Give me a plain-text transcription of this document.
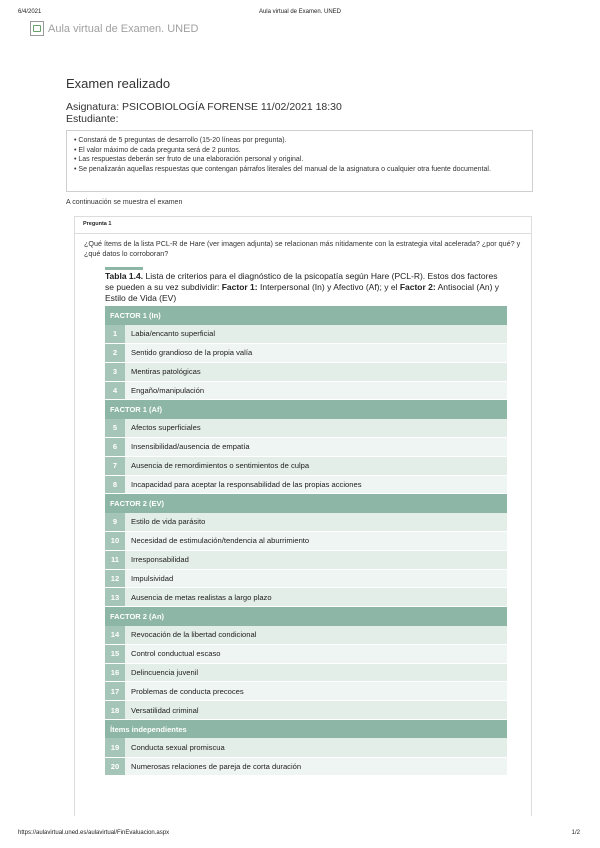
6/4/2021	Aula virtual de Examen. UNED
Aula virtual de Examen. UNED
Examen realizado
Asignatura: PSICOBIOLOGÍA FORENSE 11/02/2021 18:30
Estudiante:
• Constará de 5 preguntas de desarrollo (15-20 líneas por pregunta).
• El valor máximo de cada pregunta será de 2 puntos.
• Las respuestas deberán ser fruto de una elaboración personal y original.
• Se penalizarán aquellas respuestas que contengan párrafos literales del manual de la asignatura o cualquier otra fuente documental.
A continuación se muestra el examen
Pregunta 1
¿Qué ítems de la lista PCL-R de Hare (ver imagen adjunta) se relacionan más nítidamente con la estrategia vital acelerada? ¿por qué? y ¿qué datos lo corroboran?
Tabla 1.4. Lista de criterios para el diagnóstico de la psicopatía según Hare (PCL-R). Estos dos factores se pueden a su vez subdividir: Factor 1: Interpersonal (In) y Afectivo (Af); y el Factor 2: Antisocial (An) y Estilo de Vida (EV)
FACTOR 1 (In)	
1	Labia/encanto superficial
2	Sentido grandioso de la propia valía
3	Mentiras patológicas
4	Engaño/manipulación
FACTOR 1 (Af)	
5	Afectos superficiales
6	Insensibilidad/ausencia de empatía
7	Ausencia de remordimientos o sentimientos de culpa
8	Incapacidad para aceptar la responsabilidad de las propias acciones
FACTOR 2 (EV)	
9	Estilo de vida parásito
10	Necesidad de estimulación/tendencia al aburrimiento
11	Irresponsabilidad
12	Impulsividad
13	Ausencia de metas realistas a largo plazo
FACTOR 2 (An)	
14	Revocación de la libertad condicional
15	Control conductual escaso
16	Delincuencia juvenil
17	Problemas de conducta precoces
18	Versatilidad criminal
Ítems independientes	
19	Conducta sexual promiscua
20	Numerosas relaciones de pareja de corta duración
https://aulavirtual.uned.es/aulavirtual/FinEvaluacion.aspx	1/2
